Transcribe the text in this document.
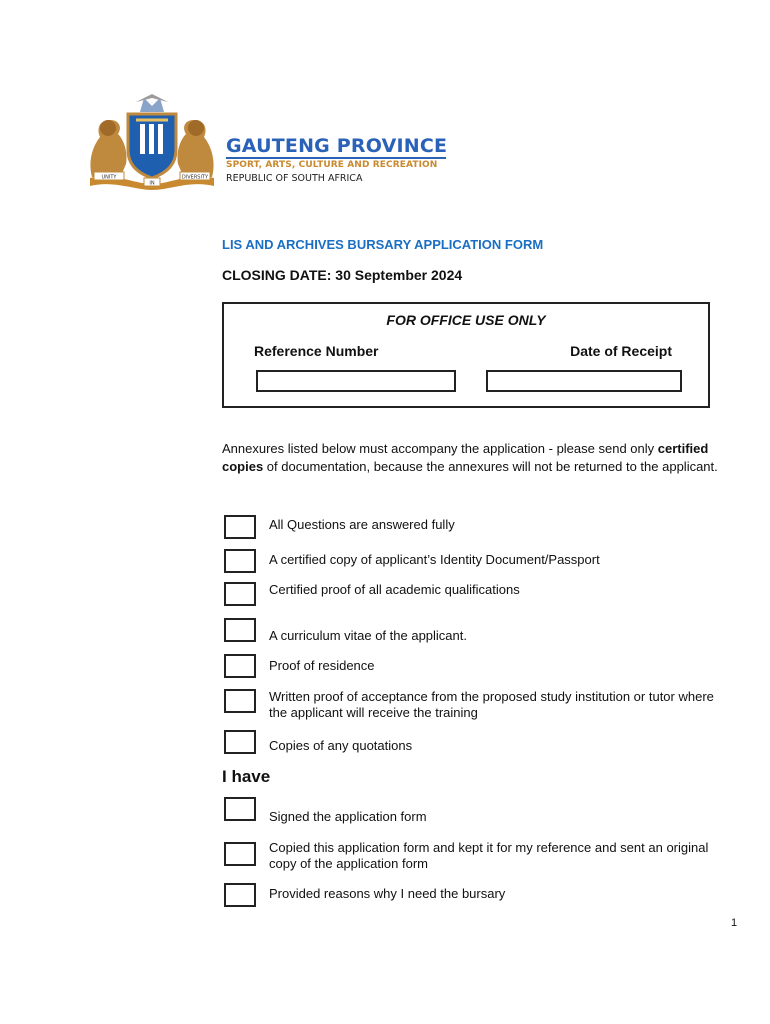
UNITY
IN
DIVERSITY
GAUTENG PROVINCE
SPORT, ARTS, CULTURE AND RECREATION
REPUBLIC OF SOUTH AFRICA
LIS AND ARCHIVES BURSARY APPLICATION FORM
CLOSING DATE: 30 September 2024
FOR OFFICE USE ONLY
Reference Number	Date of Receipt
Annexures listed below must accompany the application - please send only certified copies of documentation, because the annexures will not be returned to the applicant.
All Questions are answered fully
A certified copy of applicant’s Identity Document/Passport
Certified proof of all academic qualifications
A curriculum vitae of the applicant.
Proof of residence
Written proof of acceptance from the proposed study institution or tutor where the applicant will receive the training
Copies of any quotations
I have
Signed the application form
Copied this application form and kept it for my reference and sent an original copy of the application form
Provided reasons why I need the bursary
1
